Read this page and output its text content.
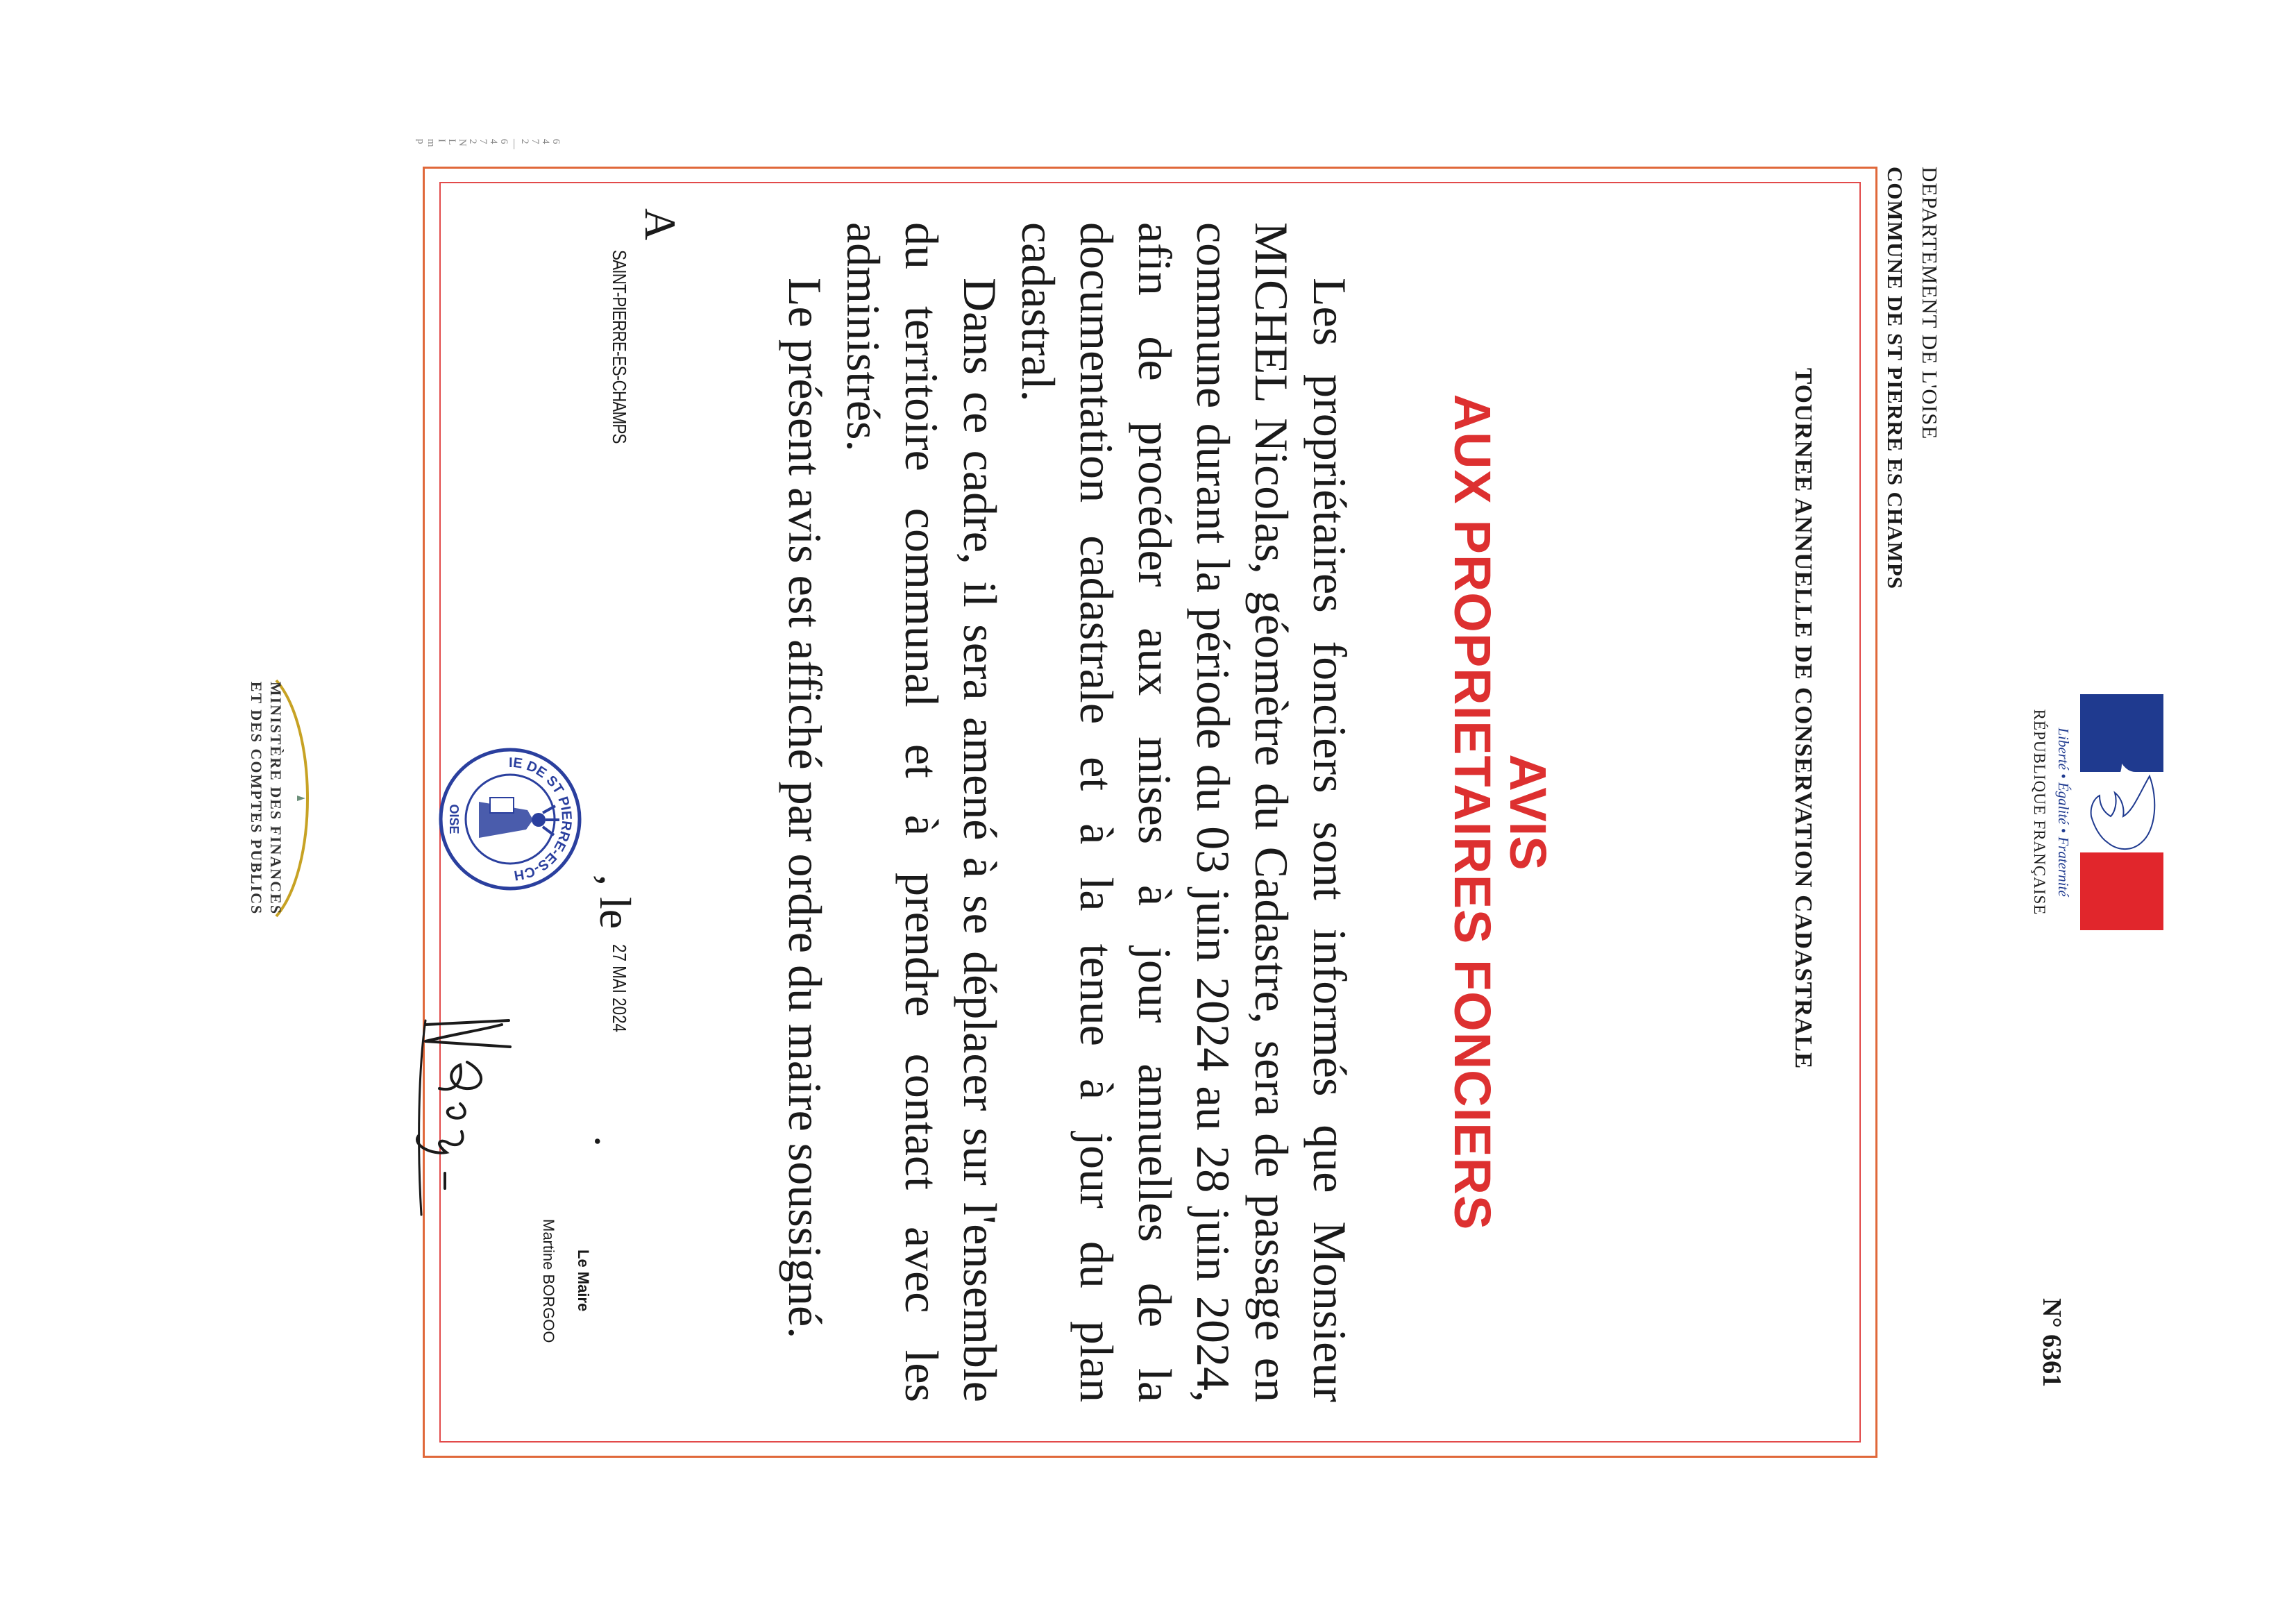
Liberté • Égalité • Fraternité
RÉPUBLIQUE FRANÇAISE
N° 6361
DEPARTEMENT DE L'OISE
COMMUNE DE ST PIERRE ES CHAMPS
TOURNEE ANNUELLE DE CONSERVATION CADASTRALE
AVIS
AUX PROPRIETAIRES FONCIERS

Les propriétaires fonciers sont informés que Monsieur MICHEL Nicolas, géomètre du Cadastre, sera de passage en commune durant la période du 03 juin 2024 au 28 juin 2024, afin de procéder aux mises à jour annuelles de la documentation cadastrale et à la tenue à jour du plan cadastral.

Dans ce cadre, il sera amené à se déplacer sur l'ensemble du territoire communal et à prendre contact avec les administrés.

Le présent avis est affiché par ordre du maire soussigné.

A
SAINT-PIERRE-ES-CHAMPS
, le
27 MAI 2024
.
IE DE ST PIERRE-ES-CH
OISE
Le Maire
Martine BORGOO
MINISTÈRE DES FINANCES
ET DES COMPTES PUBLICS
6
4
7
2
—
6
4
7
2
N
L
I
m
p
